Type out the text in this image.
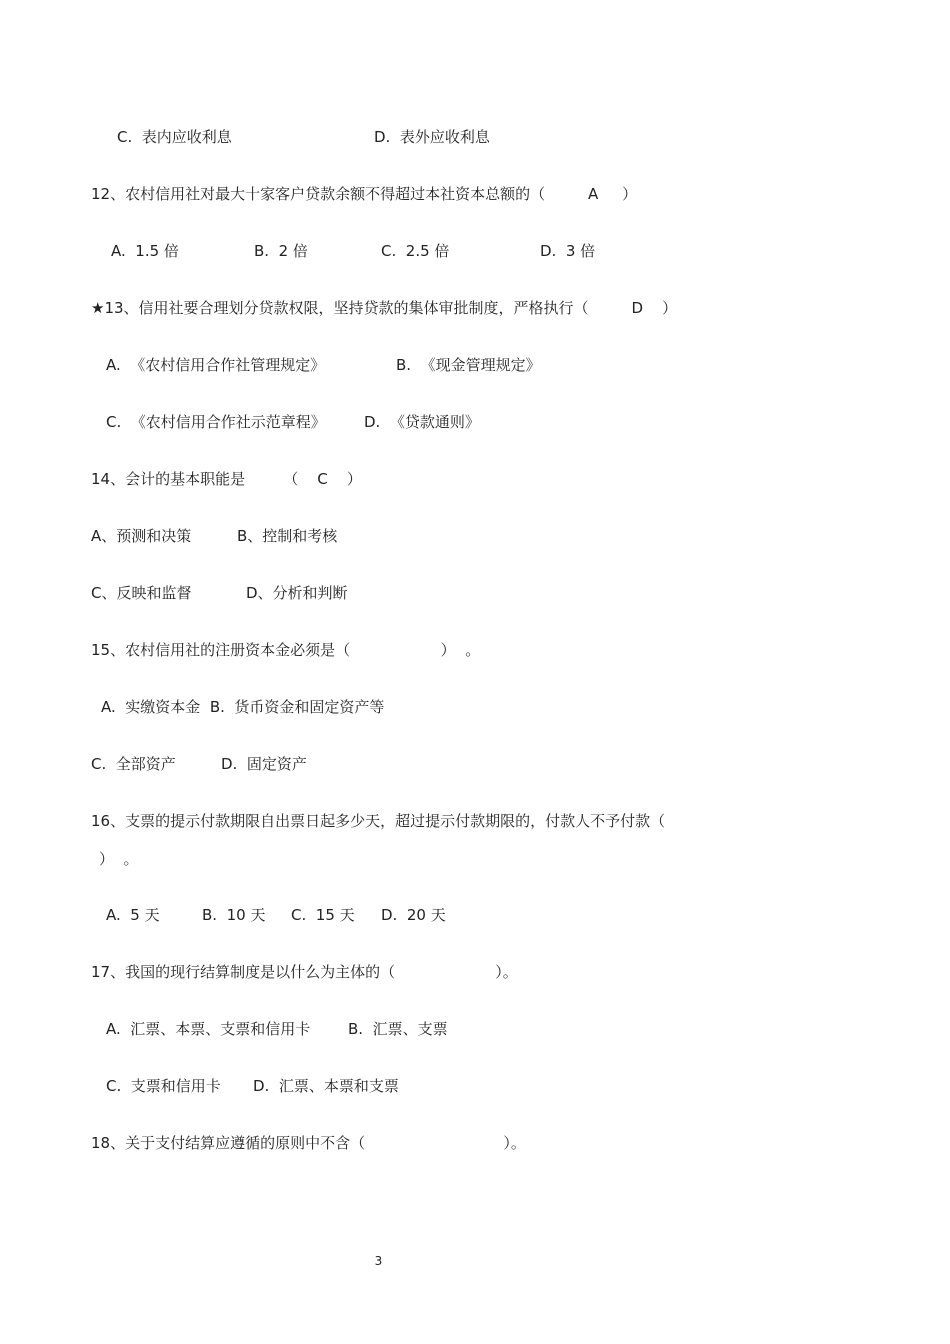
C.  表内应收利息	D.  表外应收利息
12、农村信用社对最大十家客户贷款余额不得超过本社资本总额的（         A     ）
A.  1.5 倍	B.  2 倍	C.  2.5 倍	D.  3 倍
★13、信用社要合理划分贷款权限，坚持贷款的集体审批制度，严格执行（         D    ）
A.  《农村信用合作社管理规定》	B.  《现金管理规定》
C.  《农村信用合作社示范章程》	D.  《贷款通则》
14、会计的基本职能是        （    C    ）
A、预测和决策	B、控制和考核
C、反映和监督	D、分析和判断
15、农村信用社的注册资本金必须是（                   ）  。
A.  实缴资本金  B.  货币资金和固定资产等
C.  全部资产	D.  固定资产
16、支票的提示付款期限自出票日起多少天，超过提示付款期限的，付款人不予付款（
）  。
A.  5 天	B.  10 天 C.  15 天 D.  20 天
17、我国的现行结算制度是以什么为主体的（                     ）。
A.  汇票、本票、支票和信用卡	B.  汇票、支票
C.  支票和信用卡 D.  汇票、本票和支票
18、关于支付结算应遵循的原则中不含（                             ）。
3
